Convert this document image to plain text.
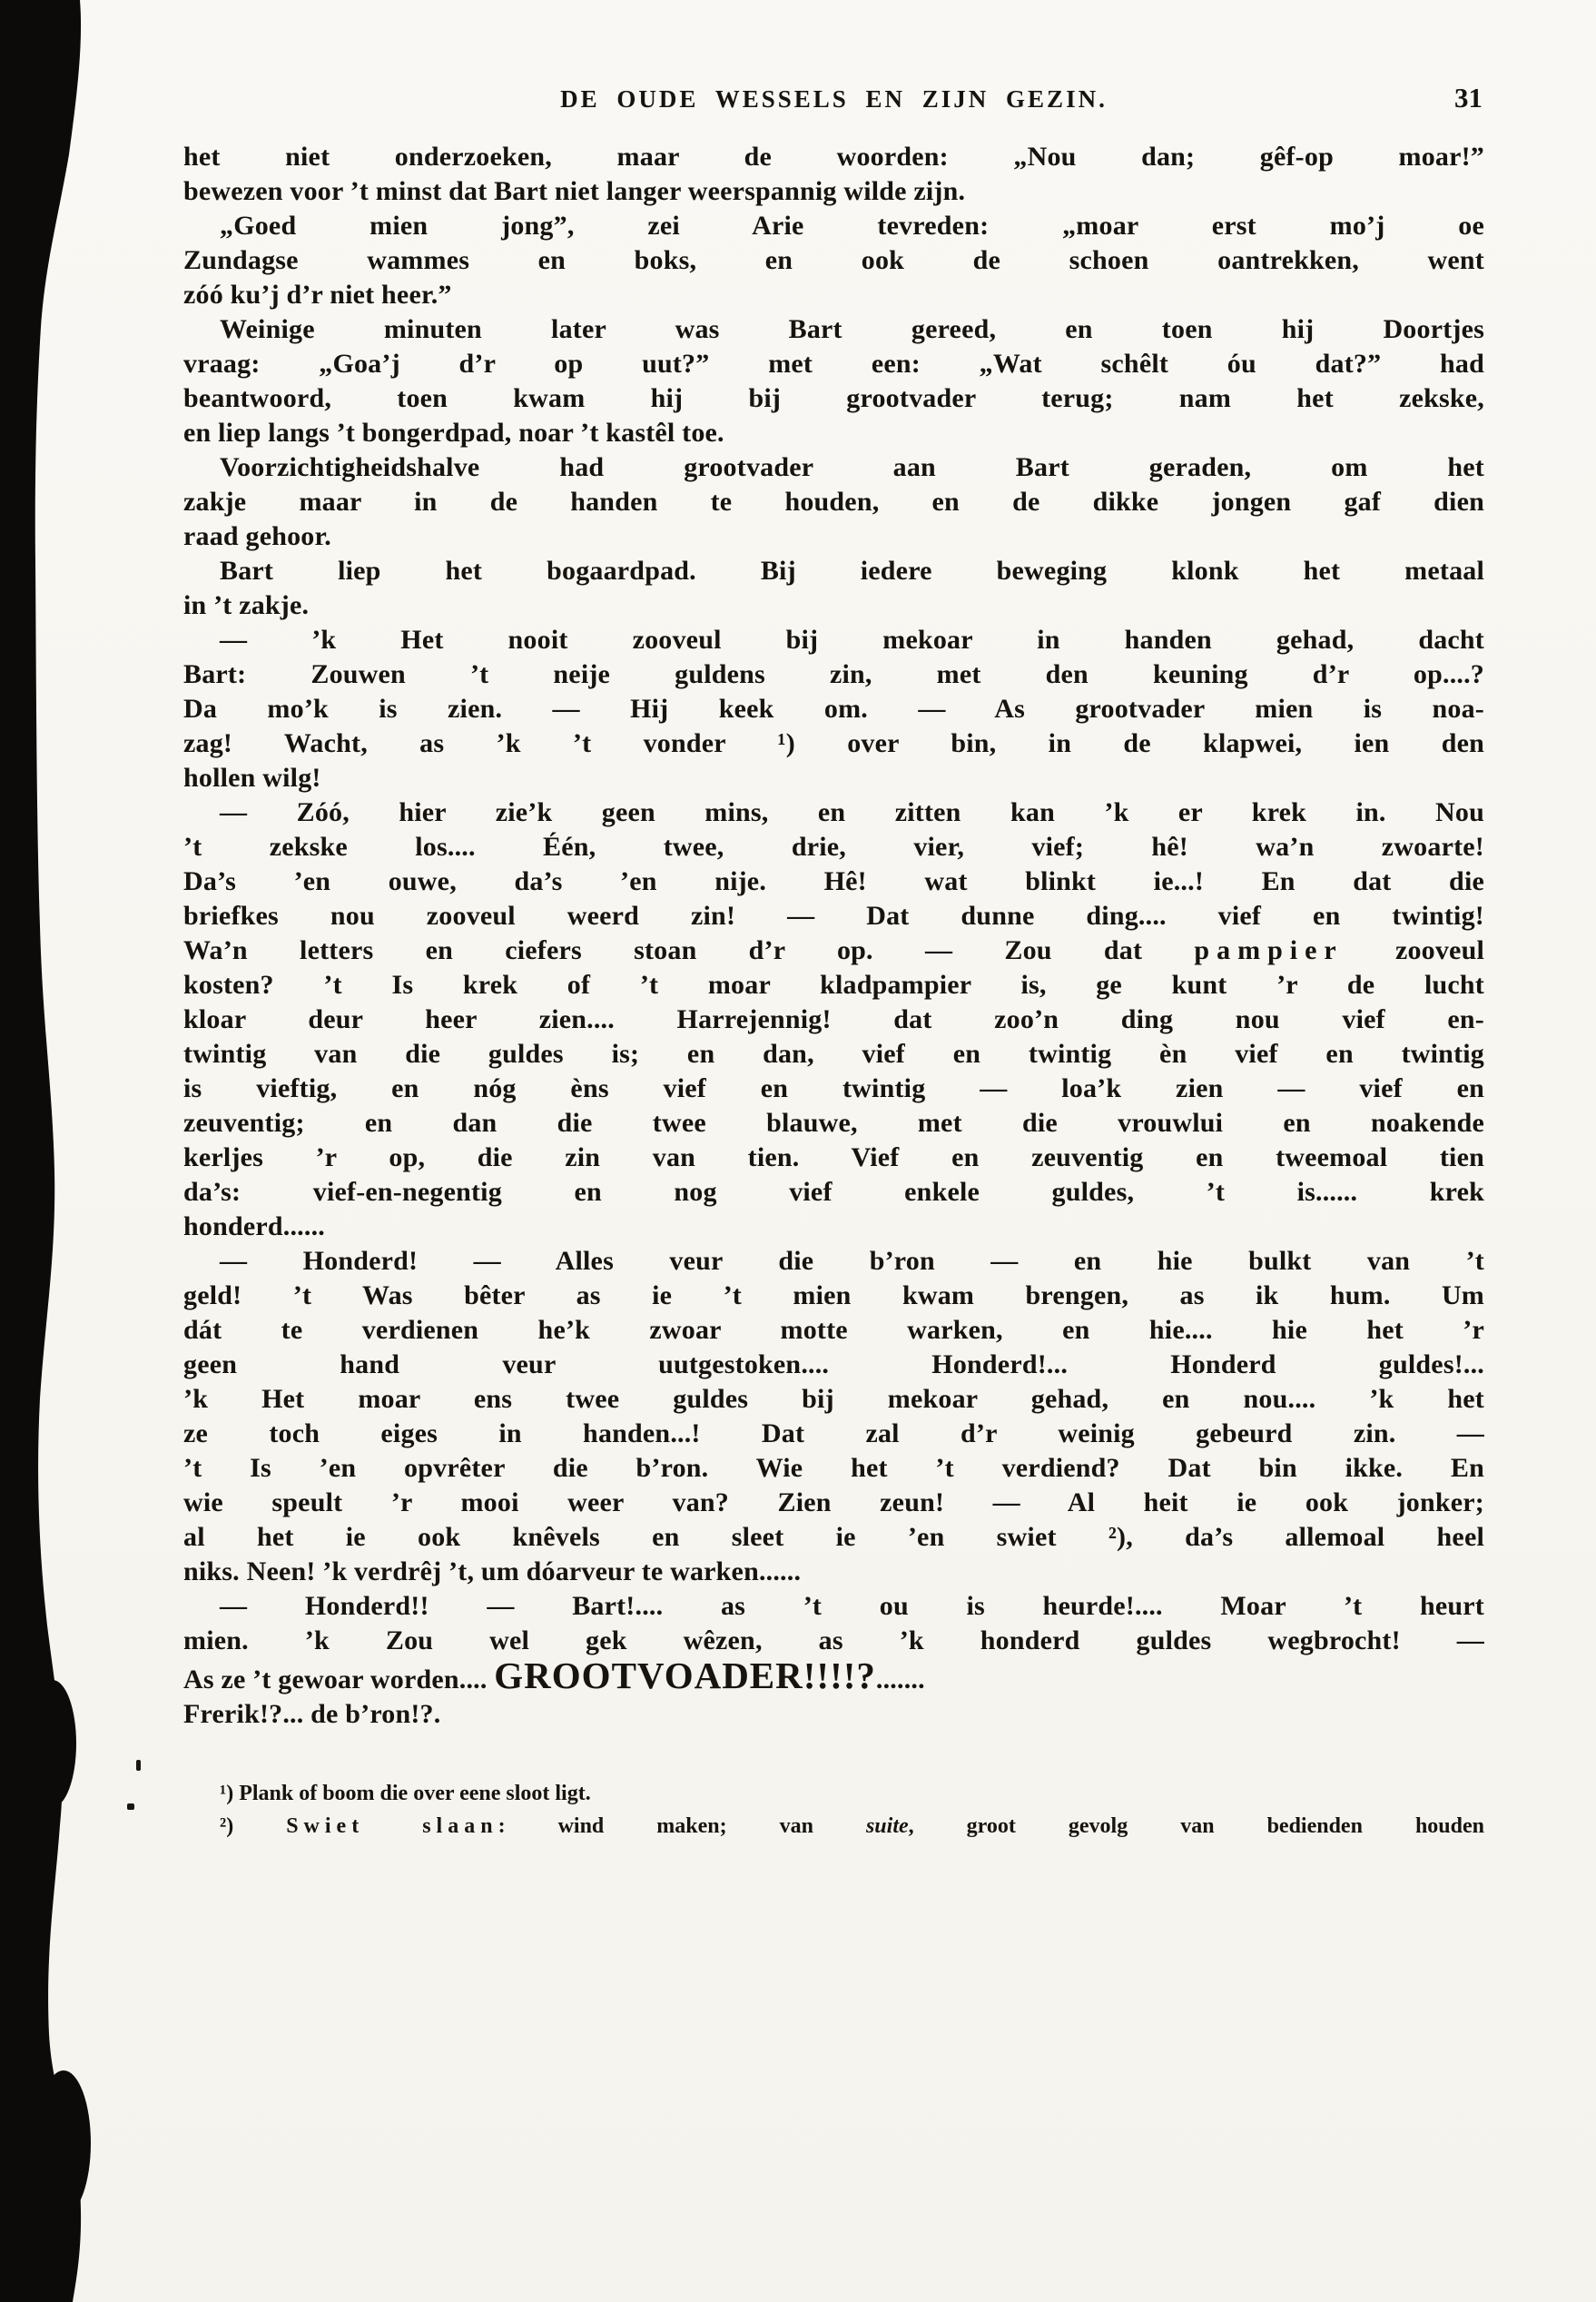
DE OUDE WESSELS EN ZIJN GEZIN.	31
het niet onderzoeken, maar de woorden: „Nou dan; gêf-op moar!”
bewezen voor ’t minst dat Bart niet langer weerspannig wilde zijn.
„Goed mien jong”, zei Arie tevreden: „moar erst mo’j oe
Zundagse wammes en boks, en ook de schoen oantrekken, went
zóó ku’j d’r niet heer.”
Weinige minuten later was Bart gereed, en toen hij Doortjes
vraag: „Goa’j d’r op uut?” met een: „Wat schêlt óu dat?” had
beantwoord, toen kwam hij bij grootvader terug; nam het zekske,
en liep langs ’t bongerdpad, noar ’t kastêl toe.
Voorzichtigheidshalve had grootvader aan Bart geraden, om het
zakje maar in de handen te houden, en de dikke jongen gaf dien
raad gehoor.
Bart liep het bogaardpad. Bij iedere beweging klonk het metaal
in ’t zakje.
— ’k Het nooit zooveul bij mekoar in handen gehad, dacht
Bart: Zouwen ’t neije guldens zin, met den keuning d’r op....?
Da mo’k is zien. — Hij keek om. — As grootvader mien is noa-
zag! Wacht, as ’k ’t vonder ¹) over bin, in de klapwei, ien den
hollen wilg!
— Zóó, hier zie’k geen mins, en zitten kan ’k er krek in. Nou
’t zekske los.... Één, twee, drie, vier, vief; hê! wa’n zwoarte!
Da’s ’en ouwe, da’s ’en nije. Hê! wat blinkt ie...! En dat die
briefkes nou zooveul weerd zin! — Dat dunne ding.... vief en twintig!
Wa’n letters en ciefers stoan d’r op. — Zou dat pampier zooveul
kosten? ’t Is krek of ’t moar kladpampier is, ge kunt ’r de lucht
kloar deur heer zien.... Harrejennig! dat zoo’n ding nou vief en-
twintig van die guldes is; en dan, vief en twintig èn vief en twintig
is vieftig, en nóg èns vief en twintig — loa’k zien — vief en
zeuventig; en dan die twee blauwe, met die vrouwlui en noakende
kerljes ’r op, die zin van tien. Vief en zeuventig en tweemoal tien
da’s: vief-en-negentig en nog vief enkele guldes, ’t is...... krek
honderd......
— Honderd! — Alles veur die b’ron — en hie bulkt van ’t
geld! ’t Was bêter as ie ’t mien kwam brengen, as ik hum. Um
dát te verdienen he’k zwoar motte warken, en hie.... hie het ’r
geen hand veur uutgestoken.... Honderd!... Honderd guldes!...
’k Het moar ens twee guldes bij mekoar gehad, en nou.... ’k het
ze toch eiges in handen...! Dat zal d’r weinig gebeurd zin. —
’t Is ’en opvrêter die b’ron. Wie het ’t verdiend? Dat bin ikke. En
wie speult ’r mooi weer van? Zien zeun! — Al heit ie ook jonker;
al het ie ook knêvels en sleet ie ’en swiet ²), da’s allemoal heel
niks. Neen! ’k verdrêj ’t, um dóarveur te warken......
— Honderd!! — Bart!.... as ’t ou is heurde!.... Moar ’t heurt
mien. ’k Zou wel gek wêzen, as ’k honderd guldes wegbrocht! —
As ze ’t gewoar worden.... GROOTVOADER!!!!?.......
Frerik!?... de b’ron!?.
¹) Plank of boom die over eene sloot ligt.
²) Swiet slaan: wind maken; van suite, groot gevolg van bedienden houden
